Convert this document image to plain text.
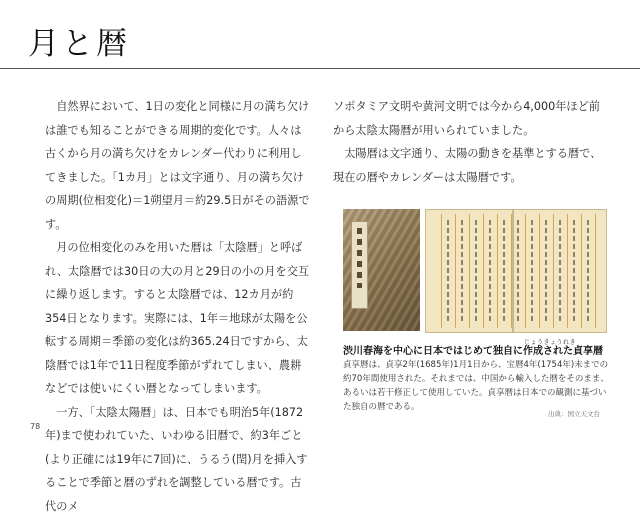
月と暦

自然界において、1日の変化と同様に月の満ち欠けは誰でも知ることができる周期的変化です。人々は古くから月の満ち欠けをカレンダー代わりに利用してきました。「1カ月」とは文字通り、月の満ち欠けの周期(位相変化)＝1朔望月＝約29.5日がその語源です。

月の位相変化のみを用いた暦は「太陰暦」と呼ばれ、太陰暦では30日の大の月と29日の小の月を交互に繰り返します。すると太陰暦では、12カ月が約354日となります。実際には、1年＝地球が太陽を公転する周期＝季節の変化は約365.24日ですから、太陰暦では1年で11日程度季節がずれてしまい、農耕などでは使いにくい暦となってしまいます。

一方、「太陰太陽暦」は、日本でも明治5年(1872年)まで使われていた、いわゆる旧暦で、約3年ごと(より正確には19年に7回)に、うるう(閏)月を挿入することで季節と暦のずれを調整している暦です。古代のメ

ソポタミア文明や黄河文明では今から4,000年ほど前から太陰太陽暦が用いられていました。

太陽暦は文字通り、太陽の動きを基準とする暦で、現在の暦やカレンダーは太陽暦です。

じょうきょうれき

渋川春海を中心に日本ではじめて独自に作成された貞享暦

貞享暦は、貞享2年(1685年)1月1日から、宝暦4年(1754年)末までの約70年間使用された。それまでは、中国から輸入した暦をそのまま、あるいは若干修正して使用していた。貞享暦は日本での観測に基づいた独自の暦である。

出典：国立天文台
78
